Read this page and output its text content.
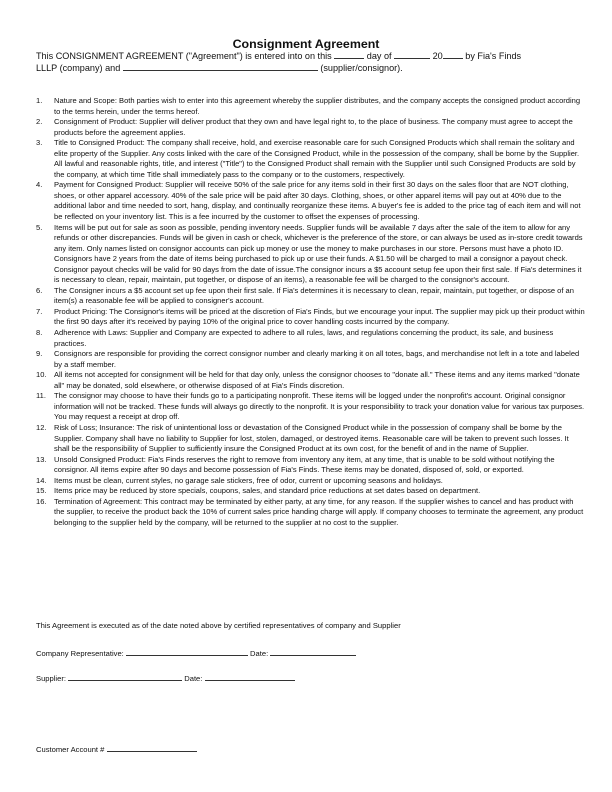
Consignment Agreement
This CONSIGNMENT AGREEMENT ("Agreement") is entered into on this	day of	20 by Fia's Finds
LLLP (company) and	(supplier/consignor).
1. Nature and Scope: Both parties wish to enter into this agreement whereby the supplier distributes, and the company accepts the consigned product according to the terms herein, under the terms hereof.
2. Consignment of Product: Supplier will deliver product that they own and have legal right to, to the place of business. The company must agree to accept the products before the agreement applies.
3. Title to Consigned Product: The company shall receive, hold, and exercise reasonable care for such Consigned Products which shall remain the solitary and elite property of the Supplier. Any costs linked with the care of the Consigned Product, while in the possession of the company, shall be borne by the Supplier. All lawful and reasonable rights, title, and interest ("Title") to the Consigned Product shall remain with the Supplier until such Consigned Products are sold by the company, at which time Title shall immediately pass to the company or to the customers, respectively.
4. Payment for Consigned Product: Supplier will receive 50% of the sale price for any items sold in their first 30 days on the sales floor that are NOT clothing, shoes, or other apparel accessory. 40% of the sale price will be paid after 30 days. Clothing, shoes, or other apparel items will pay out at 40% due to the additional labor and time needed to sort, hang, display, and continually reorganize these items. A buyer's fee is added to the price tag of each item and will not be reflected on your inventory list. This is a fee incurred by the customer to offset the expenses of processing.
5. Items will be put out for sale as soon as possible, pending inventory needs. Supplier funds will be available 7 days after the sale of the item to allow for any refunds or other discrepancies. Funds will be given in cash or check, whichever is the preference of the store, or can always be used as in-store credit towards any item. Only names listed on consignor accounts can pick up money or use the money to make purchases in our store. Persons must have a photo ID. Consignors have 2 years from the date of items being purchased to pick up or use their funds. A $1.50 will be charged to mail a consignor a payout check. Consignor payout checks will be valid for 90 days from the date of issue.The consignor incurs a $5 account setup fee upon their first sale. If Fia's determines it is necessary to clean, repair, maintain, put together, or dispose of an items), a reasonable fee will be charged to the consignor's account.
6. The Consigner incurs a $5 account set up fee upon their first sale. If Fia's determines it is necessary to clean, repair, maintain, put together, or dispose of an item(s) a reasonable fee will be applied to consigner's account.
7. Product Pricing: The Consignor's items will be priced at the discretion of Fia's Finds, but we encourage your input. The supplier may pick up their product within the first 90 days after it's received by paying 10% of the original price to cover handling costs incurred by the company.
8. Adherence with Laws: Supplier and Company are expected to adhere to all rules, laws, and regulations concerning the product, its sale, and business practices.
9. Consignors are responsible for providing the correct consignor number and clearly marking it on all totes, bags, and merchandise not left in a tote and labeled by a staff member.
10. All items not accepted for consignment will be held for that day only, unless the consignor chooses to "donate all." These items and any items marked "donate all" may be donated, sold elsewhere, or otherwise disposed of at Fia's Finds discretion.
11. The consignor may choose to have their funds go to a participating nonprofit. These items will be logged under the nonprofit's account. Original consignor information will not be tracked. These funds will always go directly to the nonprofit. It is your responsibility to track your donation value for various tax purposes. You may request a receipt at drop off.
12. Risk of Loss; Insurance: The risk of unintentional loss or devastation of the Consigned Product while in the possession of company shall be borne by the Supplier. Company shall have no liability to Supplier for lost, stolen, damaged, or destroyed items. Reasonable care will be taken to prevent such losses. It shall be the responsibility of Supplier to sufficiently insure the Consigned Product at its own cost, for the benefit of and in the name of Supplier.
13. Unsold Consigned Product: Fia's Finds reserves the right to remove from inventory any item, at any time, that is unable to be sold without notifying the consignor. All items expire after 90 days and become possession of Fia's Finds. These items may be donated, disposed of, sold, or exported.
14. Items must be clean, current styles, no garage sale stickers, free of odor, current or upcoming seasons and holidays.
15. Items price may be reduced by store specials, coupons, sales, and standard price reductions at set dates based on department.
16. Termination of Agreement: This contract may be terminated by either party, at any time, for any reason. If the supplier wishes to cancel and has product with the supplier, to receive the product back the 10% of current sales price handing charge will apply. If company chooses to terminate the agreement, any product belonging to the supplier held by the company, will be returned to the supplier at no cost to the supplier.
This Agreement is executed as of the date noted above by certified representatives of company and Supplier
Company Representative:	Date:
Supplier:	Date:
Customer Account #
